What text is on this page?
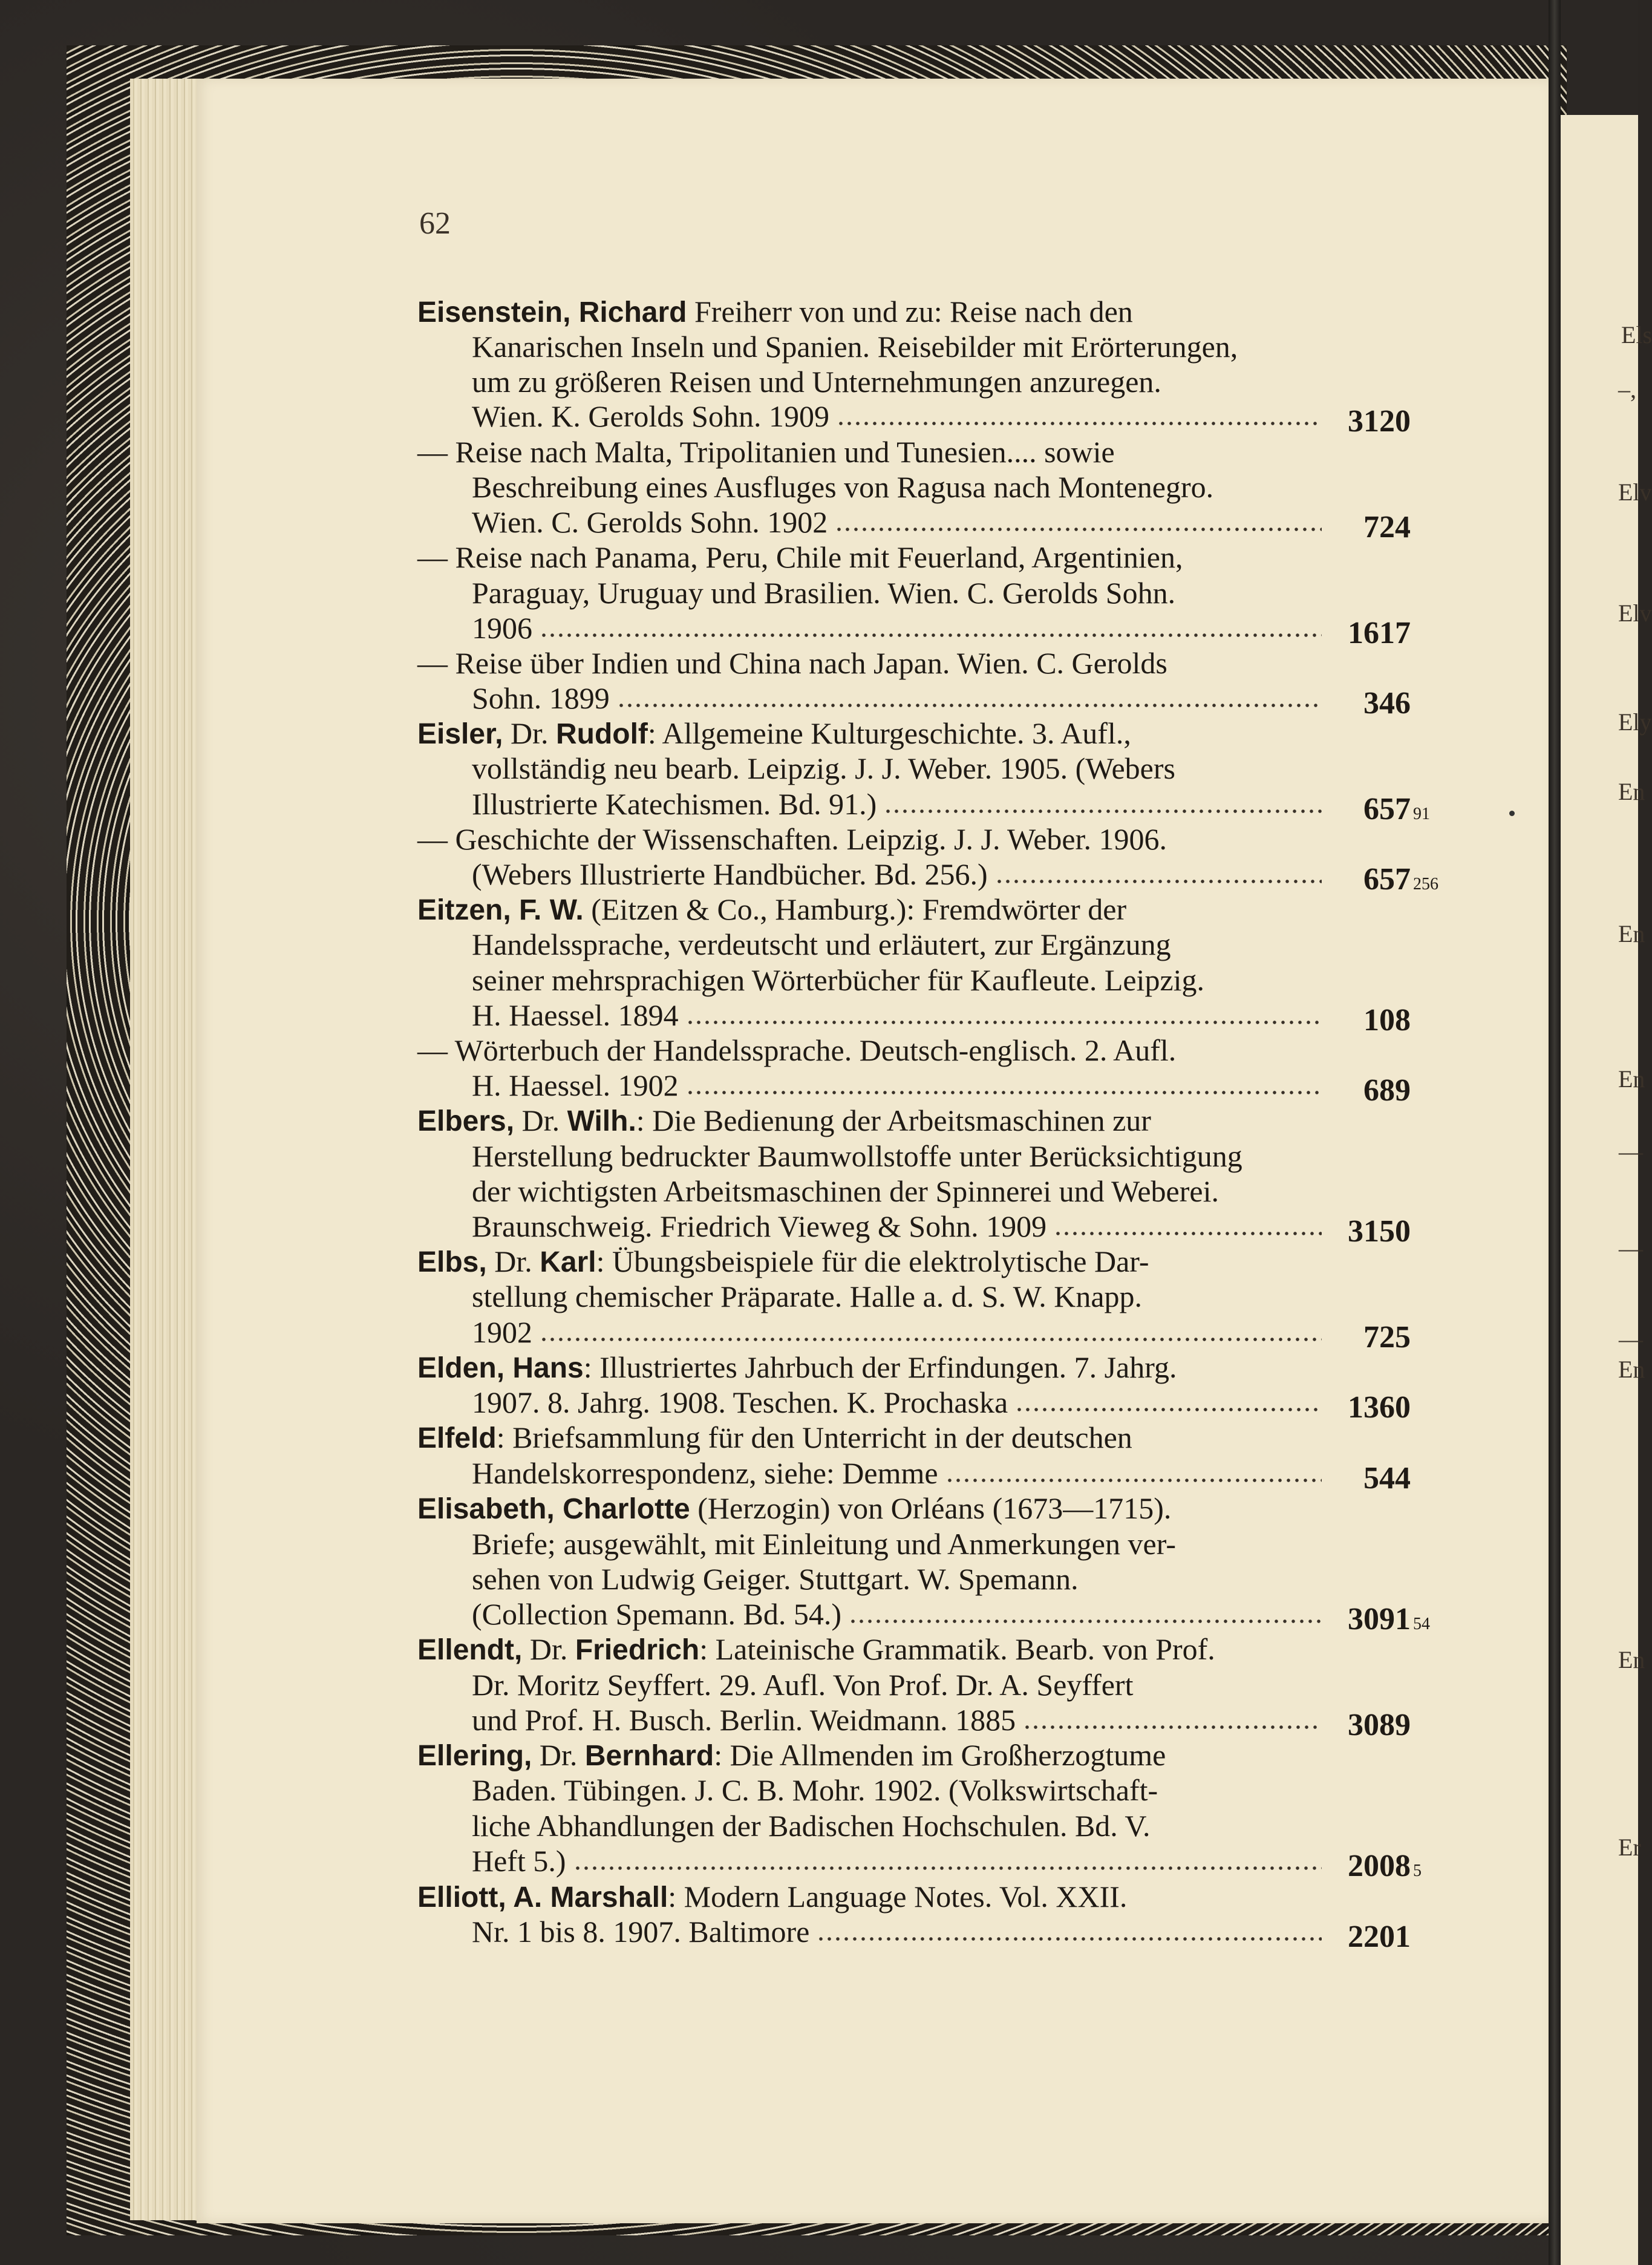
Els
–,
Elv
Elv
Ely
En
En
En
—
—
—
En
En
Er
62
Eisenstein, Richard Freiherr von und zu: Reise nach den
Kanarischen Inseln und Spanien. Reisebilder mit Erörterungen,
um zu größeren Reisen und Unternehmungen anzuregen.
Wien. K. Gerolds Sohn. 1909	3120
— Reise nach Malta, Tripolitanien und Tunesien.... sowie
Beschreibung eines Ausfluges von Ragusa nach Montenegro.
Wien. C. Gerolds Sohn. 1902	724
— Reise nach Panama, Peru, Chile mit Feuerland, Argentinien,
Paraguay, Uruguay und Brasilien. Wien. C. Gerolds Sohn.
1906	1617
— Reise über Indien und China nach Japan. Wien. C. Gerolds
Sohn. 1899	346
Eisler, Dr. Rudolf: Allgemeine Kulturgeschichte. 3. Aufl.,
vollständig neu bearb. Leipzig. J. J. Weber. 1905. (Webers
Illustrierte Katechismen. Bd. 91.)	657 91
— Geschichte der Wissenschaften. Leipzig. J. J. Weber. 1906.
(Webers Illustrierte Handbücher. Bd. 256.)	657 256
Eitzen, F. W. (Eitzen & Co., Hamburg.): Fremdwörter der
Handelssprache, verdeutscht und erläutert, zur Ergänzung
seiner mehrsprachigen Wörterbücher für Kaufleute. Leipzig.
H. Haessel. 1894	108
— Wörterbuch der Handelssprache. Deutsch-englisch. 2. Aufl.
H. Haessel. 1902	689
Elbers, Dr. Wilh.: Die Bedienung der Arbeitsmaschinen zur
Herstellung bedruckter Baumwollstoffe unter Berücksichtigung
der wichtigsten Arbeitsmaschinen der Spinnerei und Weberei.
Braunschweig. Friedrich Vieweg & Sohn. 1909	3150
Elbs, Dr. Karl: Übungsbeispiele für die elektrolytische Dar-
stellung chemischer Präparate. Halle a. d. S. W. Knapp.
1902	725
Elden, Hans: Illustriertes Jahrbuch der Erfindungen. 7. Jahrg.
1907. 8. Jahrg. 1908. Teschen. K. Prochaska	1360
Elfeld: Briefsammlung für den Unterricht in der deutschen
Handelskorrespondenz, siehe: Demme	544
Elisabeth, Charlotte (Herzogin) von Orléans (1673—1715).
Briefe; ausgewählt, mit Einleitung und Anmerkungen ver-
sehen von Ludwig Geiger. Stuttgart. W. Spemann.
(Collection Spemann. Bd. 54.)	3091 54
Ellendt, Dr. Friedrich: Lateinische Grammatik. Bearb. von Prof.
Dr. Moritz Seyffert. 29. Aufl. Von Prof. Dr. A. Seyffert
und Prof. H. Busch. Berlin. Weidmann. 1885	3089
Ellering, Dr. Bernhard: Die Allmenden im Großherzogtume
Baden. Tübingen. J. C. B. Mohr. 1902. (Volkswirtschaft-
liche Abhandlungen der Badischen Hochschulen. Bd. V.
Heft 5.)	2008 5
Elliott, A. Marshall: Modern Language Notes. Vol. XXII.
Nr. 1 bis 8. 1907. Baltimore	2201
